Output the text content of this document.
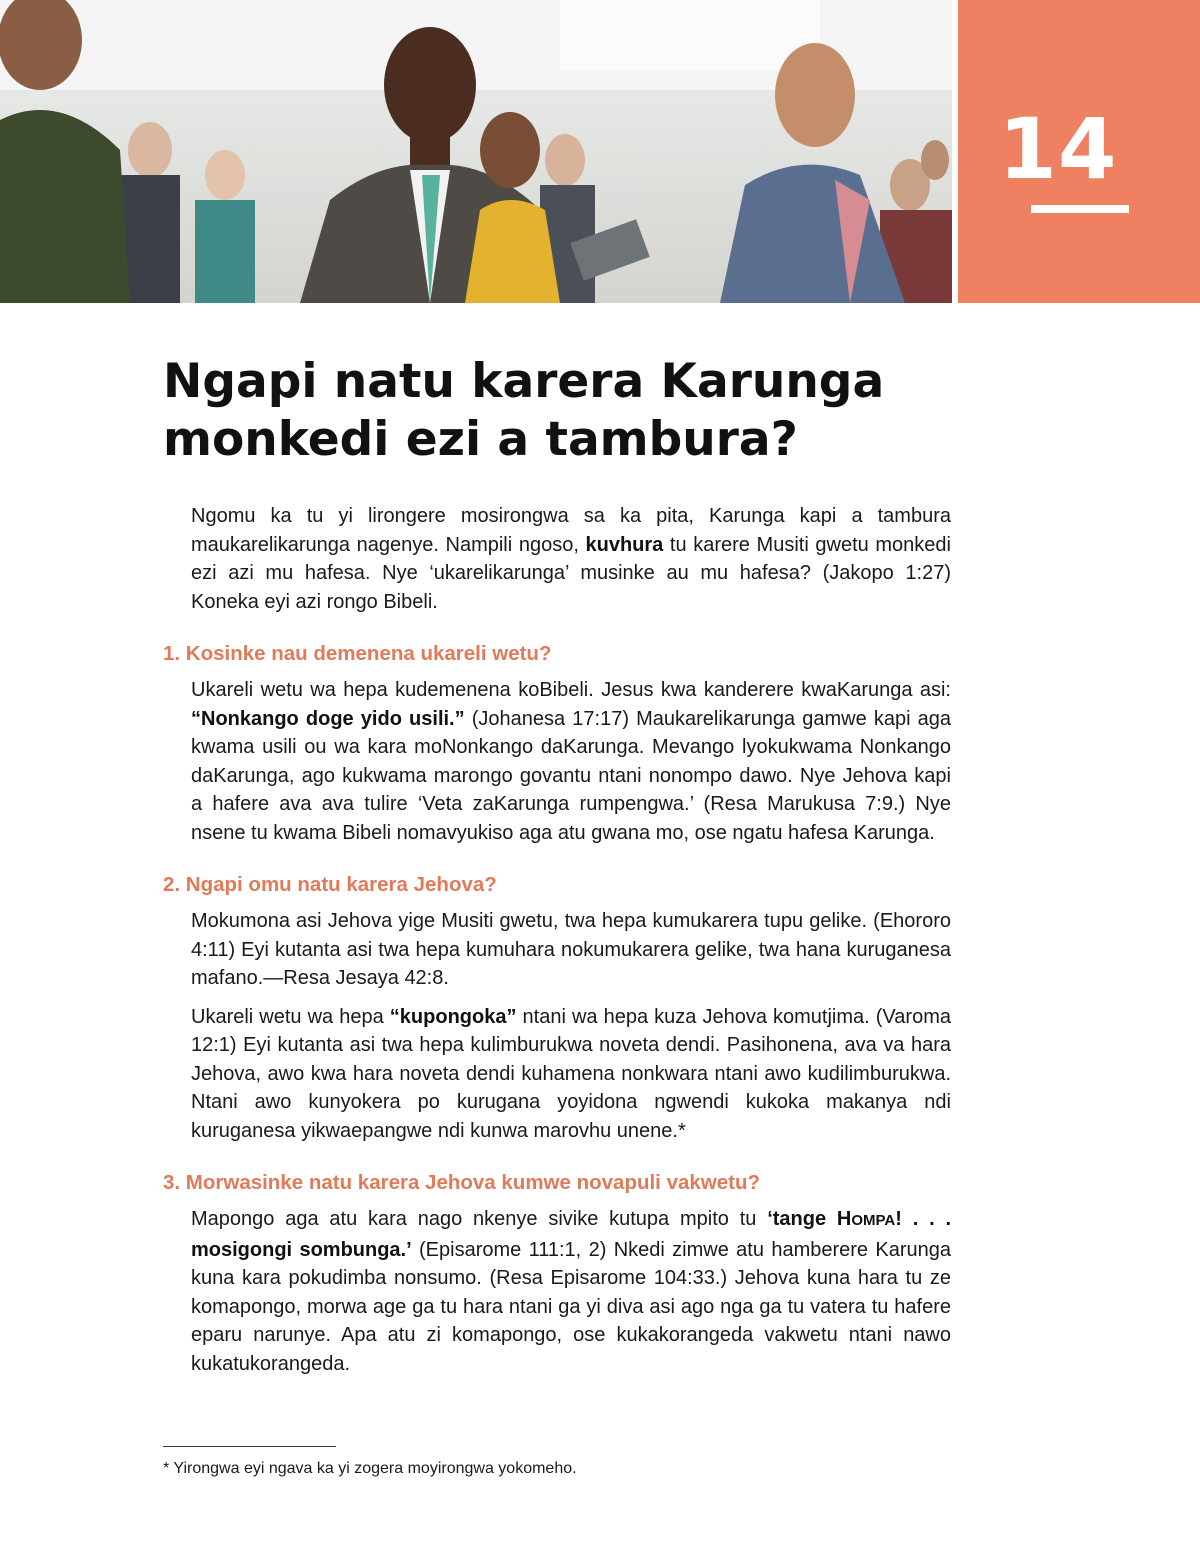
14
Ngapi natu karera Karunga
monkedi ezi a tambura?

Ngomu ka tu yi lirongere mosirongwa sa ka pita, Karunga kapi a tambura maukarelikarunga nagenye. Nampili ngoso, kuvhura tu karere Musiti gwetu monkedi ezi azi mu hafesa. Nye ‘ukarelikarunga’ musinke au mu hafesa? (Jakopo 1:27) Koneka eyi azi rongo Bibeli.

1. Kosinke nau demenena ukareli wetu?

Ukareli wetu wa hepa kudemenena koBibeli. Jesus kwa kanderere kwaKarunga asi: “Nonkango doge yido usili.” (Johanesa 17:17) Maukarelikarunga gamwe kapi aga kwama usili ou wa kara moNonkango daKarunga. Mevango lyokukwama Nonkango daKarunga, ago kukwama marongo govantu ntani nonompo dawo. Nye Jehova kapi a hafere ava ava tulire ‘Veta zaKarunga rumpengwa.’ (Resa Marukusa 7:9.) Nye nsene tu kwama Bibeli nomavyukiso aga atu gwana mo, ose ngatu hafesa Karunga.

2. Ngapi omu natu karera Jehova?

Mokumona asi Jehova yige Musiti gwetu, twa hepa kumukarera tupu gelike. (Ehororo 4:11) Eyi kutanta asi twa hepa kumuhara nokumukarera gelike, twa hana kuruganesa mafano.—Resa Jesaya 42:8.

Ukareli wetu wa hepa “kupongoka” ntani wa hepa kuza Jehova komutjima. (Varoma 12:1) Eyi kutanta asi twa hepa kulimburukwa noveta dendi. Pasihonena, ava va hara Jehova, awo kwa hara noveta dendi kuhamena nonkwara ntani awo kudilimburukwa. Ntani awo kunyokera po kurugana yoyidona ngwendi kukoka makanya ndi kuruganesa yikwaepangwe ndi kunwa marovhu unene.*

3. Morwasinke natu karera Jehova kumwe novapuli vakwetu?

Mapongo aga atu kara nago nkenye sivike kutupa mpito tu ‘tange HOMPA! . . . mosigongi sombunga.’ (Episarome 111:1, 2) Nkedi zimwe atu hamberere Karunga kuna kara pokudimba nonsumo. (Resa Episarome 104:33.) Jehova kuna hara tu ze komapongo, morwa age ga tu hara ntani ga yi diva asi ago nga ga tu vatera tu hafere eparu narunye. Apa atu zi komapongo, ose kukakorangeda vakwetu ntani nawo kukatukorangeda.

* Yirongwa eyi ngava ka yi zogera moyirongwa yokomeho.
